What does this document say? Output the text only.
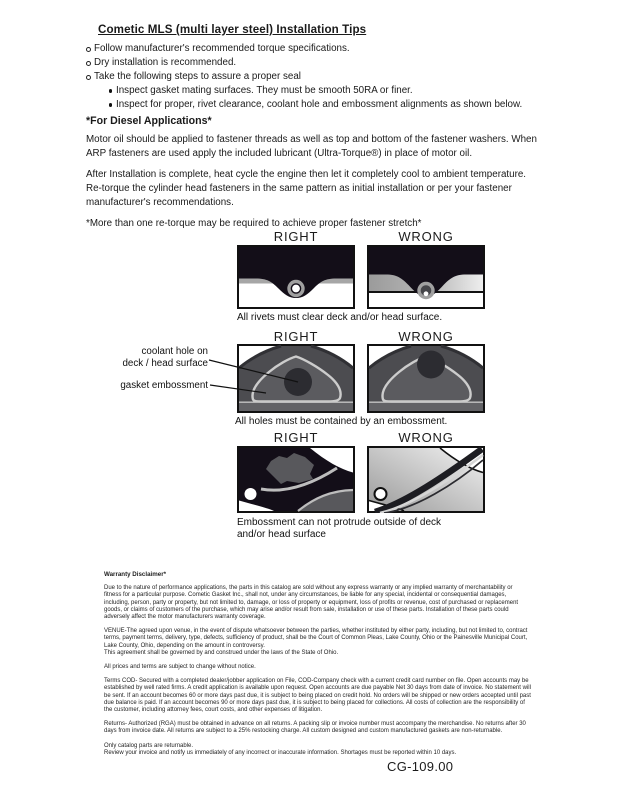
Cometic MLS (multi layer steel) Installation Tips
Follow manufacturer's recommended torque specifications.
Dry installation is recommended.
Take the following steps to assure a proper seal
Inspect gasket mating surfaces. They must be smooth 50RA or finer.
Inspect for proper, rivet clearance, coolant hole and embossment alignments as shown below.
*For Diesel Applications*

Motor oil should be applied to fastener threads as well as top and bottom of the fastener washers. When ARP fasteners are used apply the included lubricant (Ultra-Torque®) in place of motor oil.

After Installation is complete, heat cycle the engine then let it completely cool to ambient temperature. Re-torque the cylinder head fasteners in the same pattern as initial installation or per your fastener manufacturer's recommendations.

*More than one re-torque may be required to achieve proper fastener stretch*

RIGHT	WRONG
All rivets must clear deck and/or head surface.
coolant hole on
deck / head surface
gasket embossment
RIGHT	WRONG
All holes must be contained by an embossment.
RIGHT	WRONG
Embossment can not protrude outside of deck
and/or head surface
Warranty Disclaimer*

Due to the nature of performance applications, the parts in this catalog are sold without any express warranty or any implied warranty of merchantability or fitness for a particular purpose. Cometic Gasket Inc., shall not, under any circumstances, be liable for any special, incidental or consequential damages, including, person, party or property, but not limited to, damage, or loss of property or equipment, loss of profits or revenue, cost of purchased or replacement goods, or claims of customers of the purchase, which may arise and/or result from sale, installation or use of these parts. Installation of these parts could adversely affect the motor manufacturers warranty coverage.

VENUE-The agreed upon venue, in the event of dispute whatsoever between the parties, whether instituted by either party, including, but not limited to, contract terms, payment terms, delivery, type, defects, sufficiency of product, shall be the Court of Common Pleas, Lake County, Ohio or the Painesville Municipal Court, Lake County, Ohio, depending on the amount in controversy.

This agreement shall be governed by and construed under the laws of the State of Ohio.

All prices and terms are subject to change without notice.

Terms COD- Secured with a completed dealer/jobber application on File, COD-Company check with a current credit card number on file. Open accounts may be established by well rated firms. A credit application is available upon request. Open accounts are due payable Net 30 days from date of invoice. No statement will be sent. If an account becomes 60 or more days past due, it is subject to being placed on credit hold. No orders will be shipped or new orders accepted until past due balance is paid. If an account becomes 90 or more days past due, it is subject to being placed for collections. All costs of collection are the responsibility of the customer, including attorney fees, court costs, and other expenses of litigation.

Returns- Authorized (RGA) must be obtained in advance on all returns. A packing slip or invoice number must accompany the merchandise. No returns after 30 days from invoice date. All returns are subject to a 25% restocking charge. All custom designed and custom manufactured gaskets are non-returnable.

Only catalog parts are returnable.

Review your invoice and notify us immediately of any incorrect or inaccurate information. Shortages must be reported within 10 days.

CG-109.00
